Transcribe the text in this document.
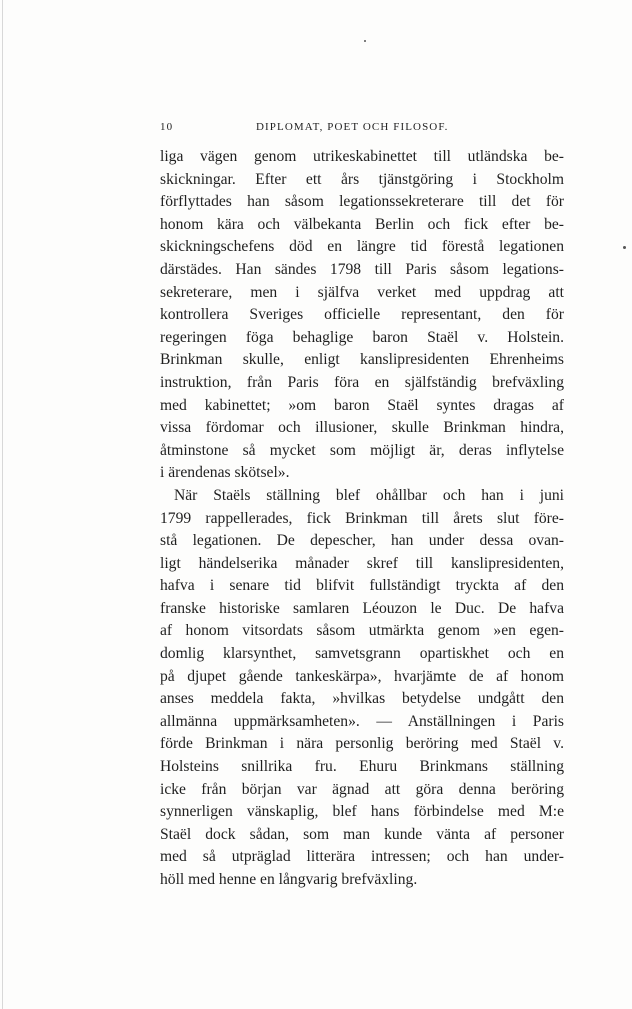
10	DIPLOMAT, POET OCH FILOSOF.
liga vägen genom utrikeskabinettet till utländska be-
skickningar. Efter ett års tjänstgöring i Stockholm
förflyttades han såsom legationssekreterare till det för
honom kära och välbekanta Berlin och fick efter be-
skickningschefens död en längre tid förestå legationen
därstädes. Han sändes 1798 till Paris såsom legations-
sekreterare, men i själfva verket med uppdrag att
kontrollera Sveriges officielle representant, den för
regeringen föga behaglige baron Staël v. Holstein.
Brinkman skulle, enligt kanslipresidenten Ehrenheims
instruktion, från Paris föra en själfständig brefväxling
med kabinettet; »om baron Staël syntes dragas af
vissa fördomar och illusioner, skulle Brinkman hindra,
åtminstone så mycket som möjligt är, deras inflytelse
i ärendenas skötsel».
När Staëls ställning blef ohållbar och han i juni
1799 rappellerades, fick Brinkman till årets slut före-
stå legationen. De depescher, han under dessa ovan-
ligt händelserika månader skref till kanslipresidenten,
hafva i senare tid blifvit fullständigt tryckta af den
franske historiske samlaren Léouzon le Duc. De hafva
af honom vitsordats såsom utmärkta genom »en egen-
domlig klarsynthet, samvetsgrann opartiskhet och en
på djupet gående tankeskärpa», hvarjämte de af honom
anses meddela fakta, »hvilkas betydelse undgått den
allmänna uppmärksamheten». — Anställningen i Paris
förde Brinkman i nära personlig beröring med Staël v.
Holsteins snillrika fru. Ehuru Brinkmans ställning
icke från början var ägnad att göra denna beröring
synnerligen vänskaplig, blef hans förbindelse med M:e
Staël dock sådan, som man kunde vänta af personer
med så utpräglad litterära intressen; och han under-
höll med henne en långvarig brefväxling.
